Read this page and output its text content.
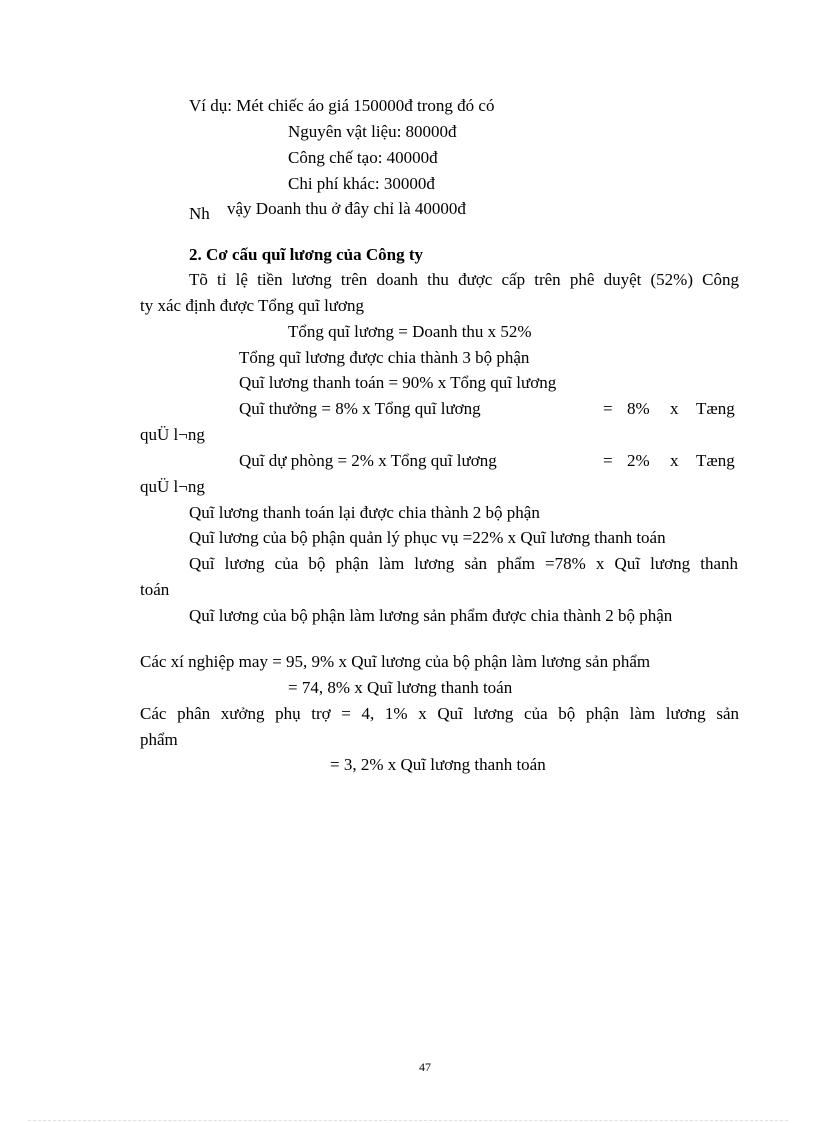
Ví dụ: Mét chiếc áo giá 150000đ trong đó có
Nguyên vật liệu: 80000đ
Công chế tạo: 40000đ
Chi phí khác: 30000đ
Nh vậy Doanh thu ở đây chỉ là 40000đ
2. Cơ cấu quĩ lương của Công ty
Tõ tỉ lệ tiền lương trên doanh thu được cấp trên phê duyệt (52%) Công
ty xác định được Tổng quĩ lương
Tổng quĩ lương = Doanh thu x 52%
Tổng quĩ lương được chia thành 3 bộ phận
Quĩ lương thanh toán = 90% x Tổng quĩ lương
Quĩ thưởng = 8% x Tổng quĩ lương	= 8% x Tæng
quÜ l¬ng
Quĩ dự phòng = 2% x Tổng quĩ lương	= 2% x Tæng
quÜ l¬ng
Quĩ lương thanh toán lại được chia thành 2 bộ phận
Quĩ lương của bộ phận quản lý phục vụ =22% x Quĩ lương thanh toán
Quĩ lương của bộ phận làm lương sản phẩm =78% x Quĩ lương thanh
toán
Quĩ lương của bộ phận làm lương sản phẩm được chia thành 2 bộ phận
Các xí nghiệp may = 95, 9% x Quĩ lương của bộ phận làm lương sản phẩm
= 74, 8% x Quĩ lương thanh toán
Các phân xưởng phụ trợ = 4, 1% x Quĩ lương của bộ phận làm lương sản
phẩm
= 3, 2% x Quĩ lương thanh toán
47
